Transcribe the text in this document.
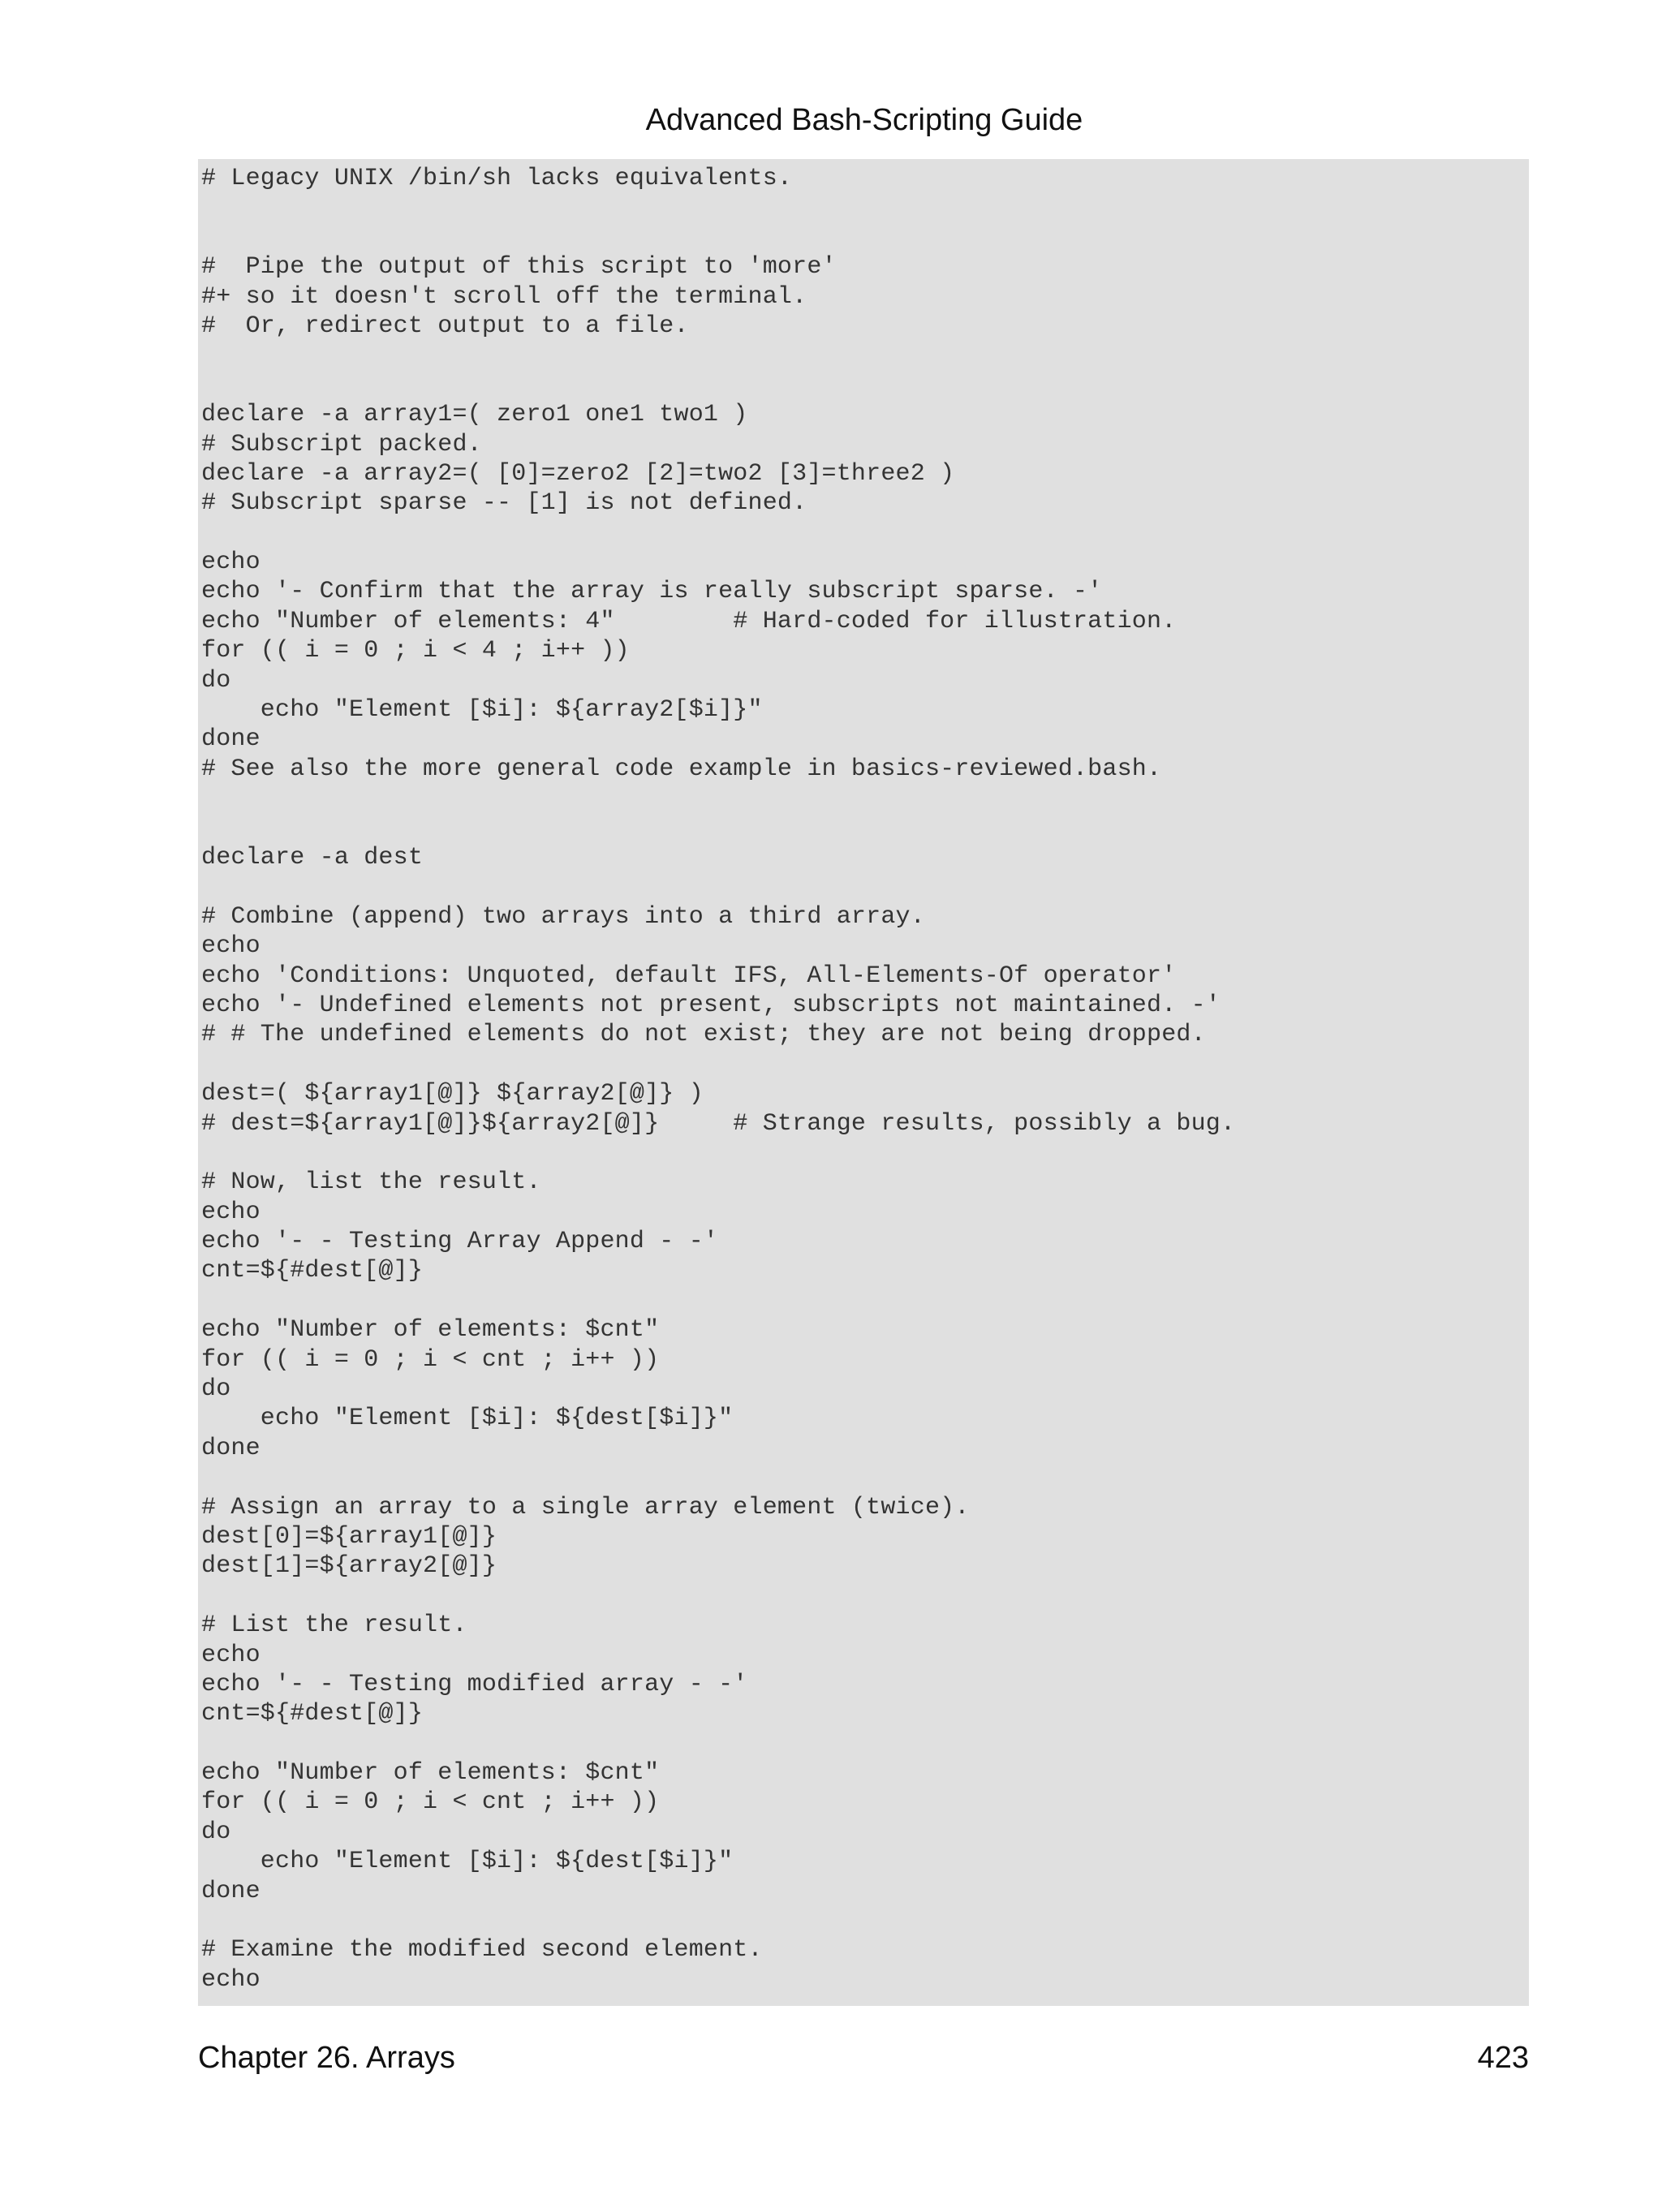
Advanced Bash-Scripting Guide
# Legacy UNIX /bin/sh lacks equivalents.
#  Pipe the output of this script to 'more'
#+ so it doesn't scroll off the terminal.
#  Or, redirect output to a file.
declare -a array1=( zero1 one1 two1 )
# Subscript packed.
declare -a array2=( [0]=zero2 [2]=two2 [3]=three2 )
# Subscript sparse -- [1] is not defined.
echo
echo '- Confirm that the array is really subscript sparse. -'
echo "Number of elements: 4"        # Hard-coded for illustration.
for (( i = 0 ; i < 4 ; i++ ))
do
echo "Element [$i]: ${array2[$i]}"
done
# See also the more general code example in basics-reviewed.bash.
declare -a dest
# Combine (append) two arrays into a third array.
echo
echo 'Conditions: Unquoted, default IFS, All-Elements-Of operator'
echo '- Undefined elements not present, subscripts not maintained. -'
# # The undefined elements do not exist; they are not being dropped.
dest=( ${array1[@]} ${array2[@]} )
# dest=${array1[@]}${array2[@]}     # Strange results, possibly a bug.
# Now, list the result.
echo
echo '- - Testing Array Append - -'
cnt=${#dest[@]}
echo "Number of elements: $cnt"
for (( i = 0 ; i < cnt ; i++ ))
do
echo "Element [$i]: ${dest[$i]}"
done
# Assign an array to a single array element (twice).
dest[0]=${array1[@]}
dest[1]=${array2[@]}
# List the result.
echo
echo '- - Testing modified array - -'
cnt=${#dest[@]}
echo "Number of elements: $cnt"
for (( i = 0 ; i < cnt ; i++ ))
do
echo "Element [$i]: ${dest[$i]}"
done
# Examine the modified second element.
echo
Chapter 26. Arrays	423
